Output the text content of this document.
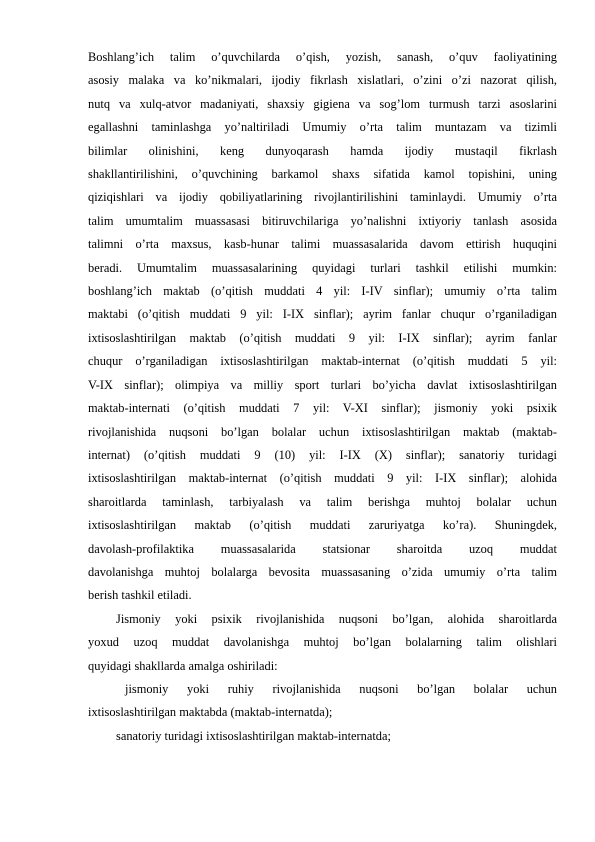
Boshlang’ich talim o’quvchilarda o’qish, yozish, sanash, o’quv faoliyatining
asosiy malaka va ko’nikmalari, ijodiy fikrlash xislatlari, o’zini o’zi nazorat qilish,
nutq va xulq-atvor madaniyati, shaxsiy gigiena va sog’lom turmush tarzi asoslarini
egallashni taminlashga yo’naltiriladi Umumiy o’rta talim muntazam va tizimli
bilimlar olinishini, keng dunyoqarash hamda ijodiy mustaqil fikrlash
shakllantirilishini, o’quvchining barkamol shaxs sifatida kamol topishini, uning
qiziqishlari va ijodiy qobiliyatlarining rivojlantirilishini taminlaydi. Umumiy o’rta
talim umumtalim muassasasi bitiruvchilariga yo’nalishni ixtiyoriy tanlash asosida
talimni o’rta maxsus, kasb-hunar talimi muassasalarida davom ettirish huquqini
beradi. Umumtalim muassasalarining quyidagi turlari tashkil etilishi mumkin:
boshlang’ich maktab (o’qitish muddati 4 yil: I-IV sinflar); umumiy o’rta talim
maktabi (o’qitish muddati 9 yil: I-IX sinflar); ayrim fanlar chuqur o’rganiladigan
ixtisoslashtirilgan maktab (o’qitish muddati 9 yil: I-IX sinflar); ayrim fanlar
chuqur o’rganiladigan ixtisoslashtirilgan maktab-internat (o’qitish muddati 5 yil:
V-IX sinflar); olimpiya va milliy sport turlari bo’yicha davlat ixtisoslashtirilgan
maktab-internati (o’qitish muddati 7 yil: V-XI sinflar); jismoniy yoki psixik
rivojlanishida nuqsoni bo’lgan bolalar uchun ixtisoslashtirilgan maktab (maktab-
internat) (o’qitish muddati 9 (10) yil: I-IX (X) sinflar); sanatoriy turidagi
ixtisoslashtirilgan maktab-internat (o’qitish muddati 9 yil: I-IX sinflar); alohida
sharoitlarda taminlash, tarbiyalash va talim berishga muhtoj bolalar uchun
ixtisoslashtirilgan maktab (o’qitish muddati zaruriyatga ko’ra). Shuningdek,
davolash-profilaktika muassasalarida statsionar sharoitda uzoq muddat
davolanishga muhtoj bolalarga bevosita muassasaning o’zida umumiy o’rta talim
berish tashkil etiladi.
Jismoniy yoki psixik rivojlanishida nuqsoni bo’lgan, alohida sharoitlarda
yoxud uzoq muddat davolanishga muhtoj bo’lgan bolalarning talim olishlari
quyidagi shakllarda amalga oshiriladi:
jismoniy yoki ruhiy rivojlanishida nuqsoni bo’lgan bolalar uchun
ixtisoslashtirilgan maktabda (maktab-internatda);
sanatoriy turidagi ixtisoslashtirilgan maktab-internatda;
